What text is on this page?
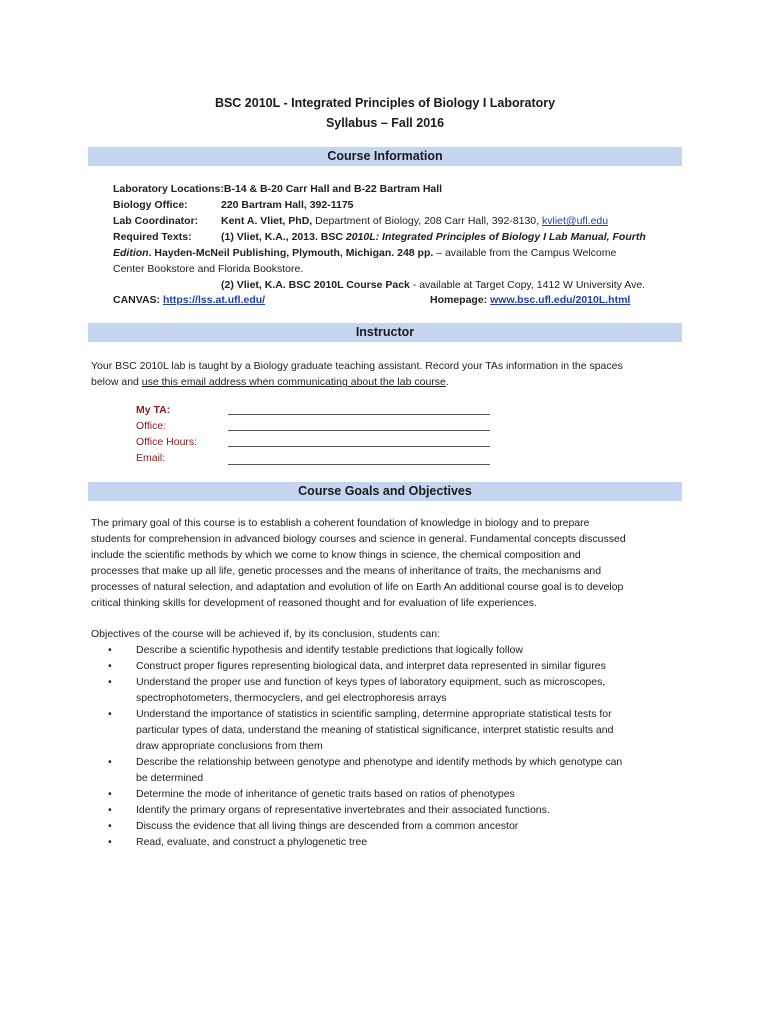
BSC 2010L - Integrated Principles of Biology I Laboratory
Syllabus – Fall 2016
Course Information
Laboratory Locations:B-14 & B-20 Carr Hall and B-22 Bartram Hall
Biology Office:	220 Bartram Hall, 392-1175
Lab Coordinator: Kent A. Vliet, PhD, Department of Biology, 208 Carr Hall, 392-8130, kvliet@ufl.edu
Required Texts:	(1) Vliet, K.A., 2013. BSC 2010L: Integrated Principles of Biology I Lab Manual, Fourth
Edition. Hayden-McNeil Publishing, Plymouth, Michigan. 248 pp. – available from the Campus Welcome
Center Bookstore and Florida Bookstore.
(2) Vliet, K.A. BSC 2010L Course Pack - available at Target Copy, 1412 W University Ave.
CANVAS: https://lss.at.ufl.edu/	Homepage: www.bsc.ufl.edu/2010L.html
Instructor
Your BSC 2010L lab is taught by a Biology graduate teaching assistant. Record your TAs information in the spaces
below and use this email address when communicating about the lab course.
My TA:
Office:
Office Hours:
Email:
Course Goals and Objectives
The primary goal of this course is to establish a coherent foundation of knowledge in biology and to prepare
students for comprehension in advanced biology courses and science in general. Fundamental concepts discussed
include the scientific methods by which we come to know things in science, the chemical composition and
processes that make up all life, genetic processes and the means of inheritance of traits, the mechanisms and
processes of natural selection, and adaptation and evolution of life on Earth An additional course goal is to develop
critical thinking skills for development of reasoned thought and for evaluation of life experiences.
Objectives of the course will be achieved if, by its conclusion, students can:
• Describe a scientific hypothesis and identify testable predictions that logically follow
• Construct proper figures representing biological data, and interpret data represented in similar figures
• Understand the proper use and function of keys types of laboratory equipment, such as microscopes,
spectrophotometers, thermocyclers, and gel electrophoresis arrays
• Understand the importance of statistics in scientific sampling, determine appropriate statistical tests for
particular types of data, understand the meaning of statistical significance, interpret statistic results and
draw appropriate conclusions from them
• Describe the relationship between genotype and phenotype and identify methods by which genotype can
be determined
• Determine the mode of inheritance of genetic traits based on ratios of phenotypes
• Identify the primary organs of representative invertebrates and their associated functions.
• Discuss the evidence that all living things are descended from a common ancestor
• Read, evaluate, and construct a phylogenetic tree
